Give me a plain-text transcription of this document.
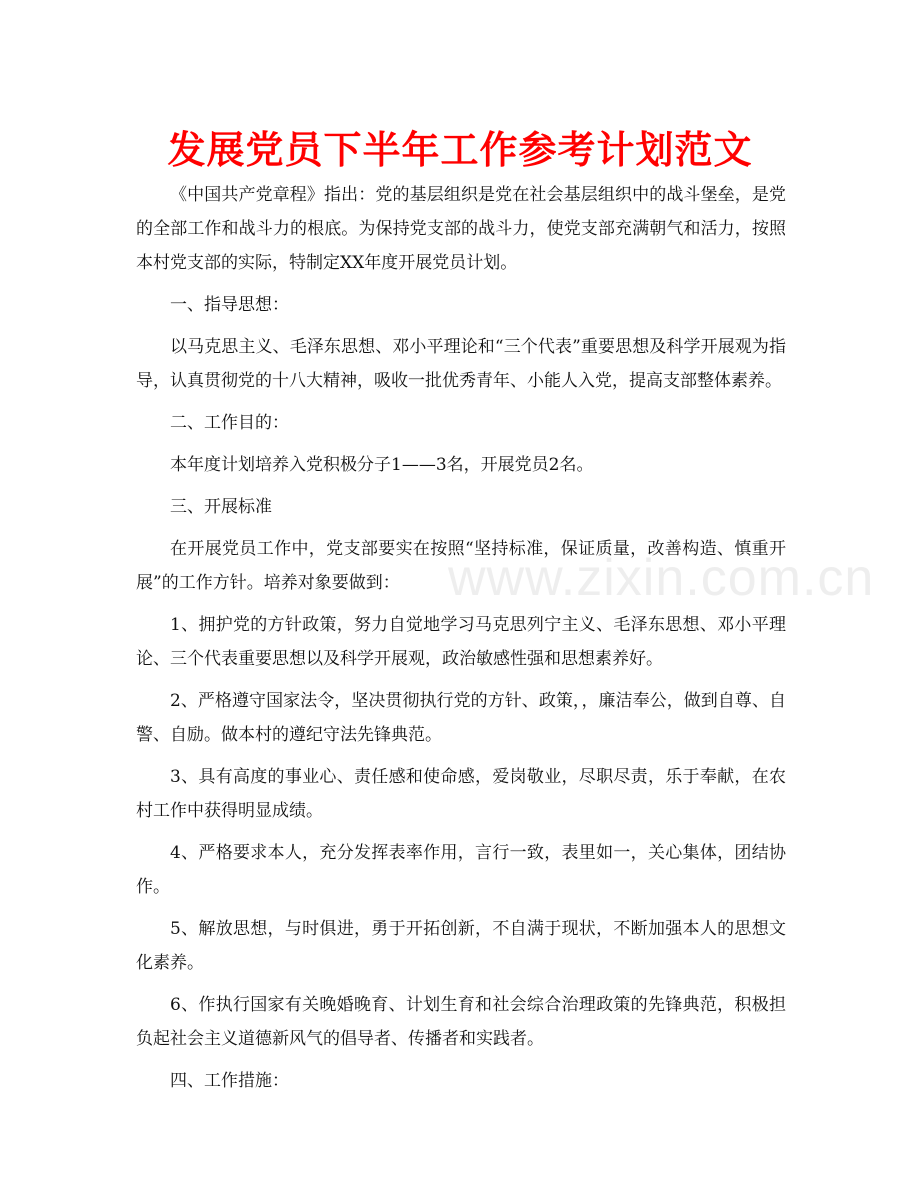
发展党员下半年工作参考计划范文

《中国共产党章程》指出：党的基层组织是党在社会基层组织中的战斗堡垒，是党的全部工作和战斗力的根底。为保持党支部的战斗力，使党支部充满朝气和活力，按照本村党支部的实际，特制定XX年度开展党员计划。

一、指导思想：

以马克思主义、毛泽东思想、邓小平理论和“三个代表”重要思想及科学开展观为指导，认真贯彻党的十八大精神，吸收一批优秀青年、小能人入党，提高支部整体素养。

二、工作目的：

本年度计划培养入党积极分子1——3名，开展党员2名。

三、开展标准

在开展党员工作中，党支部要实在按照“坚持标准，保证质量，改善构造、慎重开展”的工作方针。培养对象要做到：

1、拥护党的方针政策，努力自觉地学习马克思列宁主义、毛泽东思想、邓小平理论、三个代表重要思想以及科学开展观，政治敏感性强和思想素养好。

2、严格遵守国家法令，坚决贯彻执行党的方针、政策，，廉洁奉公，做到自尊、自警、自励。做本村的遵纪守法先锋典范。

3、具有高度的事业心、责任感和使命感，爱岗敬业，尽职尽责，乐于奉献，在农村工作中获得明显成绩。

4、严格要求本人，充分发挥表率作用，言行一致，表里如一，关心集体，团结协作。

5、解放思想，与时俱进，勇于开拓创新，不自满于现状，不断加强本人的思想文化素养。

6、作执行国家有关晚婚晚育、计划生育和社会综合治理政策的先锋典范，积极担负起社会主义道德新风气的倡导者、传播者和实践者。

四、工作措施：

www.zixin.com.cn
